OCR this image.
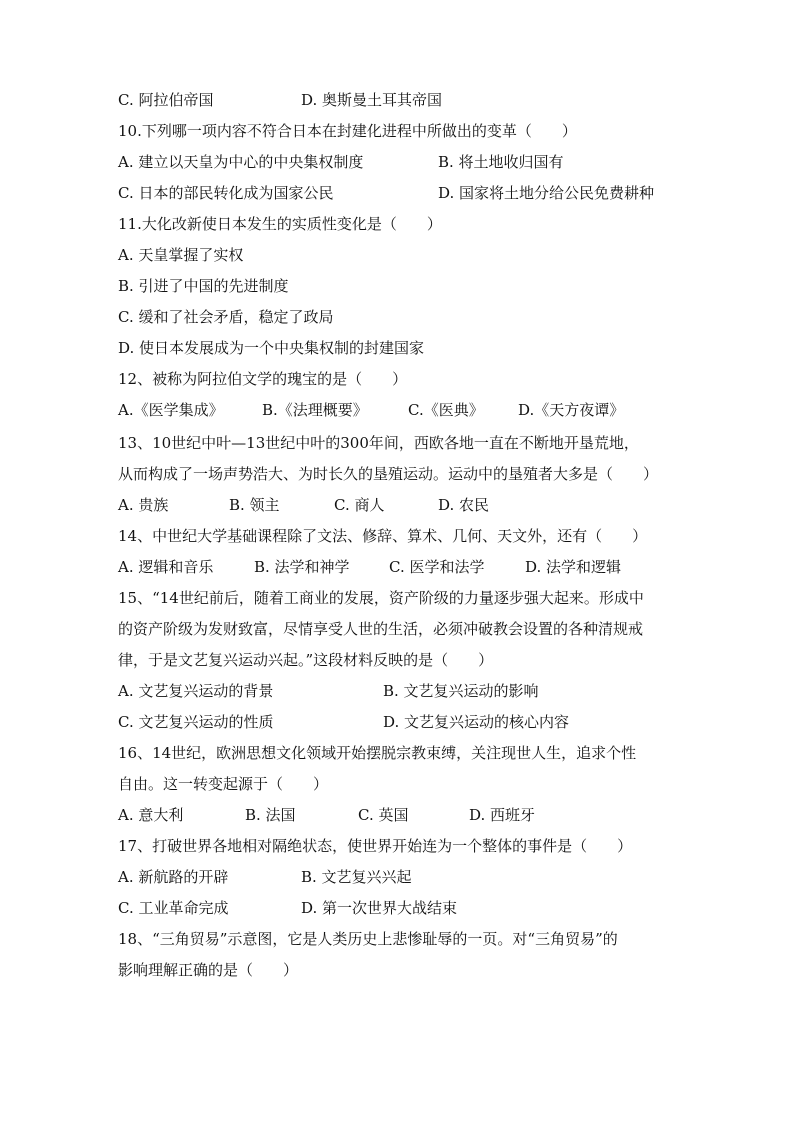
C. 阿拉伯帝国	D. 奥斯曼土耳其帝国
10.下列哪一项内容不符合日本在封建化进程中所做出的变革（　　）
A. 建立以天皇为中心的中央集权制度	B. 将土地收归国有
C. 日本的部民转化成为国家公民	D. 国家将土地分给公民免费耕种
11.大化改新使日本发生的实质性变化是（　　）
A. 天皇掌握了实权
B. 引进了中国的先进制度
C. 缓和了社会矛盾，稳定了政局
D. 使日本发展成为一个中央集权制的封建国家
12、被称为阿拉伯文学的瑰宝的是（　　）
A.《医学集成》	B.《法理概要》	C.《医典》 D.《天方夜谭》
13、10世纪中叶—13世纪中叶的300年间，西欧各地一直在不断地开垦荒地，
从而构成了一场声势浩大、为时长久的垦殖运动。运动中的垦殖者大多是（　　）
A. 贵族	B. 领主	C. 商人	D. 农民
14、中世纪大学基础课程除了文法、修辞、算术、几何、天文外，还有（　　）
A. 逻辑和音乐	B. 法学和神学	C. 医学和法学	D. 法学和逻辑
15、“14世纪前后，随着工商业的发展，资产阶级的力量逐步强大起来。形成中
的资产阶级为发财致富，尽情享受人世的生活，必须冲破教会设置的各种清规戒
律，于是文艺复兴运动兴起。”这段材料反映的是（　　）
A. 文艺复兴运动的背景	B. 文艺复兴运动的影响
C. 文艺复兴运动的性质	D. 文艺复兴运动的核心内容
16、14世纪，欧洲思想文化领域开始摆脱宗教束缚，关注现世人生，追求个性
自由。这一转变起源于（　　）
A. 意大利	B. 法国	C. 英国	D. 西班牙
17、打破世界各地相对隔绝状态，使世界开始连为一个整体的事件是（　　）
A. 新航路的开辟	B. 文艺复兴兴起
C. 工业革命完成	D. 第一次世界大战结束
18、“三角贸易”示意图，它是人类历史上悲惨耻辱的一页。对“三角贸易”的
影响理解正确的是（　　）
